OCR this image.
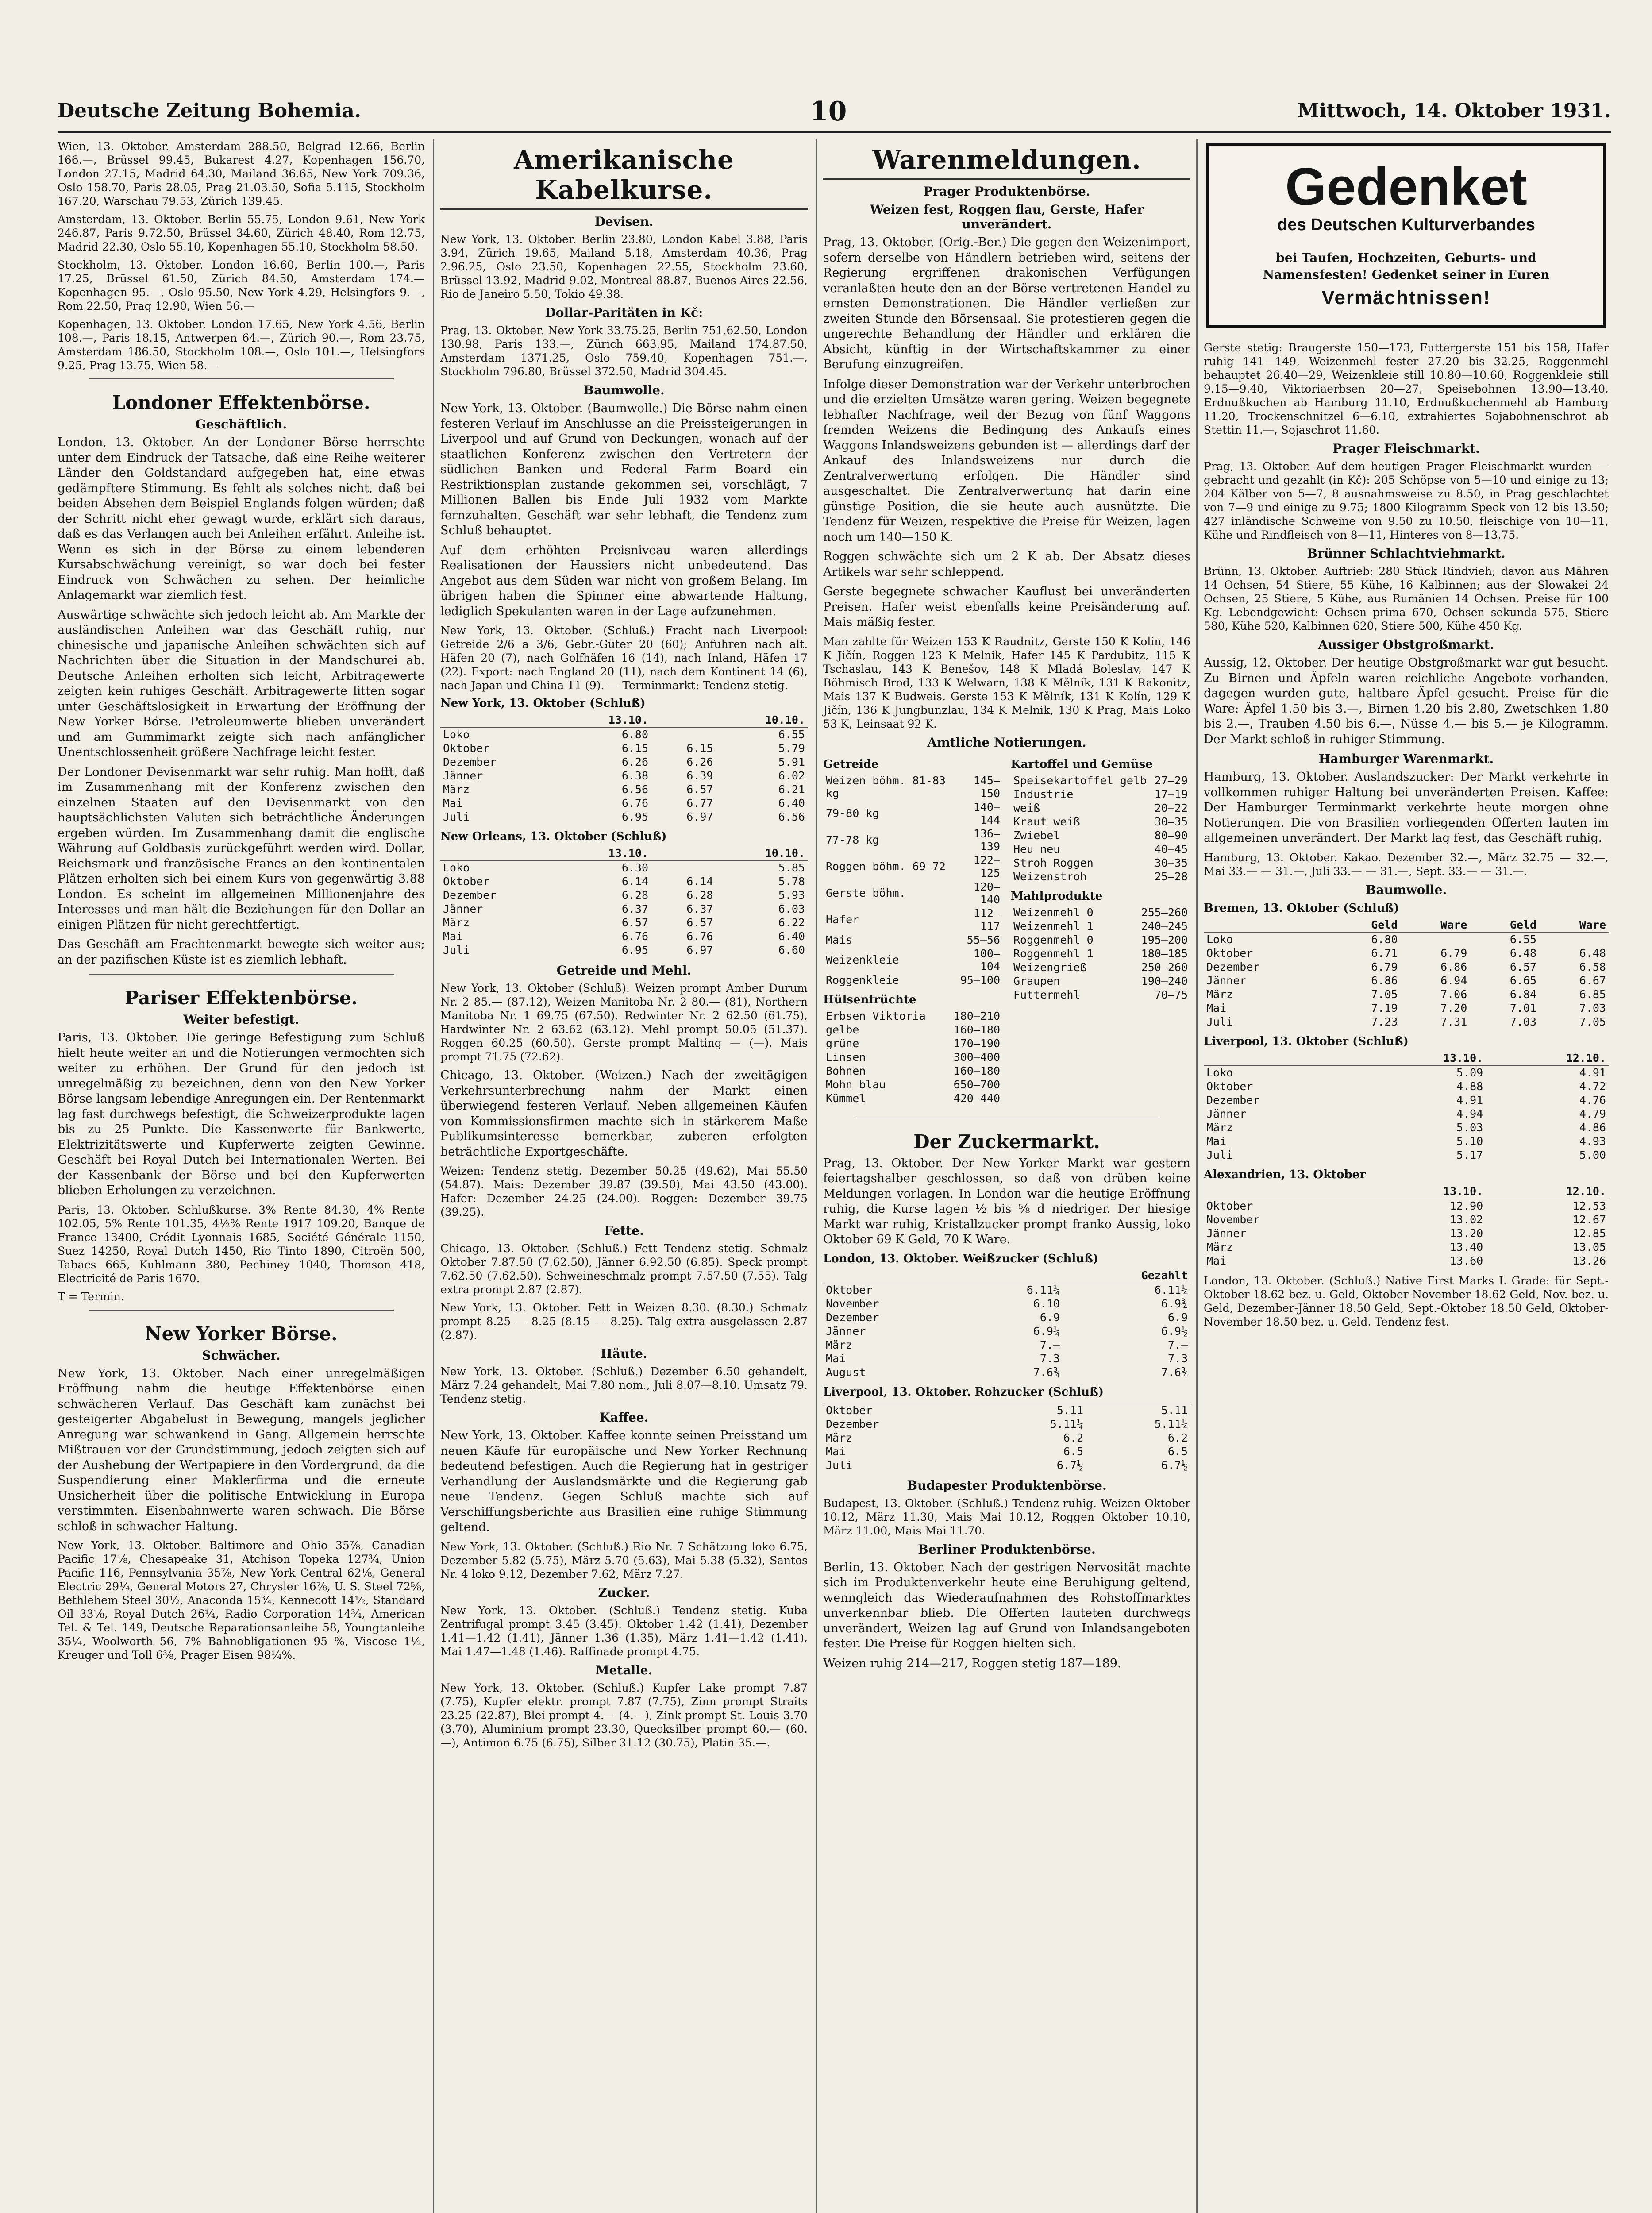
Deutsche Zeitung Bohemia.	10	Mittwoch, 14. Oktober 1931.

Wien, 13. Oktober. Amsterdam 288.50, Belgrad 12.66, Berlin 166.—, Brüssel 99.45, Bukarest 4.27, Kopenhagen 156.70, London 27.15, Madrid 64.30, Mailand 36.65, New York 709.36, Oslo 158.70, Paris 28.05, Prag 21.03.50, Sofia 5.115, Stockholm 167.20, Warschau 79.53, Zürich 139.45.

Amsterdam, 13. Oktober. Berlin 55.75, London 9.61, New York 246.87, Paris 9.72.50, Brüssel 34.60, Zürich 48.40, Rom 12.75, Madrid 22.30, Oslo 55.10, Kopenhagen 55.10, Stockholm 58.50.

Stockholm, 13. Oktober. London 16.60, Berlin 100.—, Paris 17.25, Brüssel 61.50, Zürich 84.50, Amsterdam 174.— Kopenhagen 95.—, Oslo 95.50, New York 4.29, Helsingfors 9.—, Rom 22.50, Prag 12.90, Wien 56.—

Kopenhagen, 13. Oktober. London 17.65, New York 4.56, Berlin 108.—, Paris 18.15, Antwerpen 64.—, Zürich 90.—, Rom 23.75, Amsterdam 186.50, Stockholm 108.—, Oslo 101.—, Helsingfors 9.25, Prag 13.75, Wien 58.—

Londoner Effektenbörse.
Geschäftlich.

London, 13. Oktober. An der Londoner Börse herrschte unter dem Eindruck der Tatsache, daß eine Reihe weiterer Länder den Goldstandard aufgegeben hat, eine etwas gedämpftere Stimmung. Es fehlt als solches nicht, daß bei beiden Absehen dem Beispiel Englands folgen würden; daß der Schritt nicht eher gewagt wurde, erklärt sich daraus, daß es das Verlangen auch bei Anleihen erfährt. Anleihe ist. Wenn es sich in der Börse zu einem lebenderen Kursabschwächung vereinigt, so war doch bei fester Eindruck von Schwächen zu sehen. Der heimliche Anlagemarkt war ziemlich fest.

Auswärtige schwächte sich jedoch leicht ab. Am Markte der ausländischen Anleihen war das Geschäft ruhig, nur chinesische und japanische Anleihen schwächten sich auf Nachrichten über die Situation in der Mandschurei ab. Deutsche Anleihen erholten sich leicht, Arbitragewerte zeigten kein ruhiges Geschäft. Arbitragewerte litten sogar unter Geschäftslosigkeit in Erwartung der Eröffnung der New Yorker Börse. Petroleumwerte blieben unverändert und am Gummimarkt zeigte sich nach anfänglicher Unentschlossenheit größere Nachfrage leicht fester.

Der Londoner Devisenmarkt war sehr ruhig. Man hofft, daß im Zusammenhang mit der Konferenz zwischen den einzelnen Staaten auf den Devisenmarkt von den hauptsächlichsten Valuten sich beträchtliche Änderungen ergeben würden. Im Zusammenhang damit die englische Währung auf Goldbasis zurückgeführt werden wird. Dollar, Reichsmark und französische Francs an den kontinentalen Plätzen erholten sich bei einem Kurs von gegenwärtig 3.88 London. Es scheint im allgemeinen Millionenjahre des Interesses und man hält die Beziehungen für den Dollar an einigen Plätzen für nicht gerechtfertigt.

Das Geschäft am Frachtenmarkt bewegte sich weiter aus; an der pazifischen Küste ist es ziemlich lebhaft.

Pariser Effektenbörse.
Weiter befestigt.

Paris, 13. Oktober. Die geringe Befestigung zum Schluß hielt heute weiter an und die Notierungen vermochten sich weiter zu erhöhen. Der Grund für den jedoch ist unregelmäßig zu bezeichnen, denn von den New Yorker Börse langsam lebendige Anregungen ein. Der Rentenmarkt lag fast durchwegs befestigt, die Schweizerprodukte lagen bis zu 25 Punkte. Die Kassenwerte für Bankwerte, Elektrizitätswerte und Kupferwerte zeigten Gewinne. Geschäft bei Royal Dutch bei Internationalen Werten. Bei der Kassenbank der Börse und bei den Kupferwerten blieben Erholungen zu verzeichnen.

Paris, 13. Oktober. Schlußkurse. 3% Rente 84.30, 4% Rente 102.05, 5% Rente 101.35, 4½% Rente 1917 109.20, Banque de France 13400, Crédit Lyonnais 1685, Société Générale 1150, Suez 14250, Royal Dutch 1450, Rio Tinto 1890, Citroën 500, Tabacs 665, Kuhlmann 380, Pechiney 1040, Thomson 418, Electricité de Paris 1670.

T = Termin.

New Yorker Börse.
Schwächer.

New York, 13. Oktober. Nach einer unregelmäßigen Eröffnung nahm die heutige Effektenbörse einen schwächeren Verlauf. Das Geschäft kam zunächst bei gesteigerter Abgabelust in Bewegung, mangels jeglicher Anregung war schwankend in Gang. Allgemein herrschte Mißtrauen vor der Grundstimmung, jedoch zeigten sich auf der Aushebung der Wertpapiere in den Vordergrund, da die Suspendierung einer Maklerfirma und die erneute Unsicherheit über die politische Entwicklung in Europa verstimmten. Eisenbahnwerte waren schwach. Die Börse schloß in schwacher Haltung.

New York, 13. Oktober. Baltimore and Ohio 35⅞, Canadian Pacific 17⅛, Chesapeake 31, Atchison Topeka 127¾, Union Pacific 116, Pennsylvania 35⅞, New York Central 62⅛, General Electric 29¼, General Motors 27, Chrysler 16⅞, U. S. Steel 72⅝, Bethlehem Steel 30½, Anaconda 15¾, Kennecott 14½, Standard Oil 33⅛, Royal Dutch 26¼, Radio Corporation 14¾, American Tel. & Tel. 149, Deutsche Reparationsanleihe 58, Youngtanleihe 35¼, Woolworth 56, 7% Bahnobligationen 95 %, Viscose 1½, Kreuger und Toll 6⅜, Prager Eisen 98¼%.

Amerikanische Kabelkurse.
Devisen.

New York, 13. Oktober. Berlin 23.80, London Kabel 3.88, Paris 3.94, Zürich 19.65, Mailand 5.18, Amsterdam 40.36, Prag 2.96.25, Oslo 23.50, Kopenhagen 22.55, Stockholm 23.60, Brüssel 13.92, Madrid 9.02, Montreal 88.87, Buenos Aires 22.56, Rio de Janeiro 5.50, Tokio 49.38.

Dollar-Paritäten in Kč:

Prag, 13. Oktober. New York 33.75.25, Berlin 751.62.50, London 130.98, Paris 133.—, Zürich 663.95, Mailand 174.87.50, Amsterdam 1371.25, Oslo 759.40, Kopenhagen 751.—, Stockholm 796.80, Brüssel 372.50, Madrid 304.45.

Baumwolle.

New York, 13. Oktober. (Baumwolle.) Die Börse nahm einen festeren Verlauf im Anschlusse an die Preissteigerungen in Liverpool und auf Grund von Deckungen, wonach auf der staatlichen Konferenz zwischen den Vertretern der südlichen Banken und Federal Farm Board ein Restriktionsplan zustande gekommen sei, vorschlägt, 7 Millionen Ballen bis Ende Juli 1932 vom Markte fernzuhalten. Geschäft war sehr lebhaft, die Tendenz zum Schluß behauptet.

Auf dem erhöhten Preisniveau waren allerdings Realisationen der Haussiers nicht unbedeutend. Das Angebot aus dem Süden war nicht von großem Belang. Im übrigen haben die Spinner eine abwartende Haltung, lediglich Spekulanten waren in der Lage aufzunehmen.

New York, 13. Oktober. (Schluß.) Fracht nach Liverpool: Getreide 2/6 a 3/6, Gebr.-Güter 20 (60); Anfuhren nach alt. Häfen 20 (7), nach Golfhäfen 16 (14), nach Inland, Häfen 17 (22). Export: nach England 20 (11), nach dem Kontinent 14 (6), nach Japan und China 11 (9). — Terminmarkt: Tendenz stetig.

New York, 13. Oktober (Schluß)
	13.10.		10.10.
Loko	6.80		6.55
Oktober	6.15	6.15	5.79
Dezember	6.26	6.26	5.91
Jänner	6.38	6.39	6.02
März	6.56	6.57	6.21
Mai	6.76	6.77	6.40
Juli	6.95	6.97	6.56
New Orleans, 13. Oktober (Schluß)
	13.10.		10.10.
Loko	6.30		5.85
Oktober	6.14	6.14	5.78
Dezember	6.28	6.28	5.93
Jänner	6.37	6.37	6.03
März	6.57	6.57	6.22
Mai	6.76	6.76	6.40
Juli	6.95	6.97	6.60
Getreide und Mehl.

New York, 13. Oktober (Schluß). Weizen prompt Amber Durum Nr. 2 85.— (87.12), Weizen Manitoba Nr. 2 80.— (81), Northern Manitoba Nr. 1 69.75 (67.50). Redwinter Nr. 2 62.50 (61.75), Hardwinter Nr. 2 63.62 (63.12). Mehl prompt 50.05 (51.37). Roggen 60.25 (60.50). Gerste prompt Malting — (—). Mais prompt 71.75 (72.62).

Chicago, 13. Oktober. (Weizen.) Nach der zweitägigen Verkehrsunterbrechung nahm der Markt einen überwiegend festeren Verlauf. Neben allgemeinen Käufen von Kommissionsfirmen machte sich in stärkerem Maße Publikumsinteresse bemerkbar, zuberen erfolgten beträchtliche Exportgeschäfte.

Weizen: Tendenz stetig. Dezember 50.25 (49.62), Mai 55.50 (54.87). Mais: Dezember 39.87 (39.50), Mai 43.50 (43.00). Hafer: Dezember 24.25 (24.00). Roggen: Dezember 39.75 (39.25).

Fette.

Chicago, 13. Oktober. (Schluß.) Fett Tendenz stetig. Schmalz Oktober 7.87.50 (7.62.50), Jänner 6.92.50 (6.85). Speck prompt 7.62.50 (7.62.50). Schweineschmalz prompt 7.57.50 (7.55). Talg extra prompt 2.87 (2.87).

New York, 13. Oktober. Fett in Weizen 8.30. (8.30.) Schmalz prompt 8.25 — 8.25 (8.15 — 8.25). Talg extra ausgelassen 2.87 (2.87).

Häute.

New York, 13. Oktober. (Schluß.) Dezember 6.50 gehandelt, März 7.24 gehandelt, Mai 7.80 nom., Juli 8.07—8.10. Umsatz 79. Tendenz stetig.

Kaffee.

New York, 13. Oktober. Kaffee konnte seinen Preisstand um neuen Käufe für europäische und New Yorker Rechnung bedeutend befestigen. Auch die Regierung hat in gestriger Verhandlung der Auslandsmärkte und die Regierung gab neue Tendenz. Gegen Schluß machte sich auf Verschiffungsberichte aus Brasilien eine ruhige Stimmung geltend.

New York, 13. Oktober. (Schluß.) Rio Nr. 7 Schätzung loko 6.75, Dezember 5.82 (5.75), März 5.70 (5.63), Mai 5.38 (5.32), Santos Nr. 4 loko 9.12, Dezember 7.62, März 7.27.

Zucker.

New York, 13. Oktober. (Schluß.) Tendenz stetig. Kuba Zentrifugal prompt 3.45 (3.45). Oktober 1.42 (1.41), Dezember 1.41—1.42 (1.41), Jänner 1.36 (1.35), März 1.41—1.42 (1.41), Mai 1.47—1.48 (1.46). Raffinade prompt 4.75.

Metalle.

New York, 13. Oktober. (Schluß.) Kupfer Lake prompt 7.87 (7.75), Kupfer elektr. prompt 7.87 (7.75), Zinn prompt Straits 23.25 (22.87), Blei prompt 4.— (4.—), Zink prompt St. Louis 3.70 (3.70), Aluminium prompt 23.30, Quecksilber prompt 60.— (60.—), Antimon 6.75 (6.75), Silber 31.12 (30.75), Platin 35.—.

Warenmeldungen.
Prager Produktenbörse.
Weizen fest, Roggen flau, Gerste, Hafer unverändert.

Prag, 13. Oktober. (Orig.-Ber.) Die gegen den Weizenimport, sofern derselbe von Händlern betrieben wird, seitens der Regierung ergriffenen drakonischen Verfügungen veranlaßten heute den an der Börse vertretenen Handel zu ernsten Demonstrationen. Die Händler verließen zur zweiten Stunde den Börsensaal. Sie protestieren gegen die ungerechte Behandlung der Händler und erklären die Absicht, künftig in der Wirtschaftskammer zu einer Berufung einzugreifen.

Infolge dieser Demonstration war der Verkehr unterbrochen und die erzielten Umsätze waren gering. Weizen begegnete lebhafter Nachfrage, weil der Bezug von fünf Waggons fremden Weizens die Bedingung des Ankaufs eines Waggons Inlandsweizens gebunden ist — allerdings darf der Ankauf des Inlandsweizens nur durch die Zentralverwertung erfolgen. Die Händler sind ausgeschaltet. Die Zentralverwertung hat darin eine günstige Position, die sie heute auch ausnützte. Die Tendenz für Weizen, respektive die Preise für Weizen, lagen noch um 140—150 K.

Roggen schwächte sich um 2 K ab. Der Absatz dieses Artikels war sehr schleppend.

Gerste begegnete schwacher Kauflust bei unveränderten Preisen. Hafer weist ebenfalls keine Preisänderung auf. Mais mäßig fester.

Man zahlte für Weizen 153 K Raudnitz, Gerste 150 K Kolin, 146 K Jičín, Roggen 123 K Melnik, Hafer 145 K Pardubitz, 115 K Tschaslau, 143 K Benešov, 148 K Mladá Boleslav, 147 K Böhmisch Brod, 133 K Welwarn, 138 K Mělník, 131 K Rakonitz, Mais 137 K Budweis. Gerste 153 K Mělník, 131 K Kolín, 129 K Jičín, 136 K Jungbunzlau, 134 K Melnik, 130 K Prag, Mais Loko 53 K, Leinsaat 92 K.

Amtliche Notierungen.
Getreide
Weizen böhm. 81-83 kg	145—150
79-80 kg	140—144
77-78 kg	136—139
Roggen böhm. 69-72	122—125
Gerste böhm.	120—140
Hafer	112—117
Mais	55—56
Weizenkleie	100—104
Roggenkleie	95—100
Hülsenfrüchte
Erbsen Viktoria	180—210
gelbe	160—180
grüne	170—190
Linsen	300—400
Bohnen	160—180
Mohn blau	650—700
Kümmel	420—440
Kartoffel und Gemüse
Speisekartoffel gelb	27—29
Industrie	17—19
weiß	20—22
Kraut weiß	30—35
Zwiebel	80—90
Heu neu	40—45
Stroh Roggen	30—35
Weizenstroh	25—28
Mahlprodukte
Weizenmehl 0	255—260
Weizenmehl 1	240—245
Roggenmehl 0	195—200
Roggenmehl 1	180—185
Weizengrieß	250—260
Graupen	190—240
Futtermehl	70—75
Der Zuckermarkt.

Prag, 13. Oktober. Der New Yorker Markt war gestern feiertagshalber geschlossen, so daß von drüben keine Meldungen vorlagen. In London war die heutige Eröffnung ruhig, die Kurse lagen ½ bis ⅝ d niedriger. Der hiesige Markt war ruhig, Kristallzucker prompt franko Aussig, loko Oktober 69 K Geld, 70 K Ware.

London, 13. Oktober. Weißzucker (Schluß)
		Gezahlt
Oktober	6.11¼	6.11¼
November	6.10	6.9¾
Dezember	6.9	6.9
Jänner	6.9¼	6.9½
März	7.—	7.—
Mai	7.3	7.3
August	7.6¾	7.6¾
Liverpool, 13. Oktober. Rohzucker (Schluß)

Oktober	5.11	5.11
Dezember	5.11¼	5.11¼
März	6.2	6.2
Mai	6.5	6.5
Juli	6.7½	6.7½
Budapester Produktenbörse.

Budapest, 13. Oktober. (Schluß.) Tendenz ruhig. Weizen Oktober 10.12, März 11.30, Mais Mai 10.12, Roggen Oktober 10.10, März 11.00, Mais Mai 11.70.

Berliner Produktenbörse.

Berlin, 13. Oktober. Nach der gestrigen Nervosität machte sich im Produktenverkehr heute eine Beruhigung geltend, wenngleich das Wiederaufnahmen des Rohstoffmarktes unverkennbar blieb. Die Offerten lauteten durchwegs unverändert, Weizen lag auf Grund von Inlandsangeboten fester. Die Preise für Roggen hielten sich.

Weizen ruhig 214—217, Roggen stetig 187—189.

Gedenket
des Deutschen Kulturverbandes
bei Taufen, Hochzeiten, Geburts- und Namensfesten! Gedenket seiner in Euren
Vermächtnissen!

Gerste stetig: Braugerste 150—173, Futtergerste 151 bis 158, Hafer ruhig 141—149, Weizenmehl fester 27.20 bis 32.25, Roggenmehl behauptet 26.40—29, Weizenkleie still 10.80—10.60, Roggenkleie still 9.15—9.40, Viktoriaerbsen 20—27, Speisebohnen 13.90—13.40, Erdnußkuchen ab Hamburg 11.10, Erdnußkuchenmehl ab Hamburg 11.20, Trockenschnitzel 6—6.10, extrahiertes Sojabohnenschrot ab Stettin 11.—, Sojaschrot 11.60.

Prager Fleischmarkt.

Prag, 13. Oktober. Auf dem heutigen Prager Fleischmarkt wurden — gebracht und gezahlt (in Kč): 205 Schöpse von 5—10 und einige zu 13; 204 Kälber von 5—7, 8 ausnahmsweise zu 8.50, in Prag geschlachtet von 7—9 und einige zu 9.75; 1800 Kilogramm Speck von 12 bis 13.50; 427 inländische Schweine von 9.50 zu 10.50, fleischige von 10—11, Kühe und Rindfleisch von 8—11, Hinteres von 8—13.75.

Brünner Schlachtviehmarkt.

Brünn, 13. Oktober. Auftrieb: 280 Stück Rindvieh; davon aus Mähren 14 Ochsen, 54 Stiere, 55 Kühe, 16 Kalbinnen; aus der Slowakei 24 Ochsen, 25 Stiere, 5 Kühe, aus Rumänien 14 Ochsen. Preise für 100 Kg. Lebendgewicht: Ochsen prima 670, Ochsen sekunda 575, Stiere 580, Kühe 520, Kalbinnen 620, Stiere 500, Kühe 450 Kg.

Aussiger Obstgroßmarkt.

Aussig, 12. Oktober. Der heutige Obstgroßmarkt war gut besucht. Zu Birnen und Äpfeln waren reichliche Angebote vorhanden, dagegen wurden gute, haltbare Äpfel gesucht. Preise für die Ware: Äpfel 1.50 bis 3.—, Birnen 1.20 bis 2.80, Zwetschken 1.80 bis 2.—, Trauben 4.50 bis 6.—, Nüsse 4.— bis 5.— je Kilogramm. Der Markt schloß in ruhiger Stimmung.

Hamburger Warenmarkt.

Hamburg, 13. Oktober. Auslandszucker: Der Markt verkehrte in vollkommen ruhiger Haltung bei unveränderten Preisen. Kaffee: Der Hamburger Terminmarkt verkehrte heute morgen ohne Notierungen. Die von Brasilien vorliegenden Offerten lauten im allgemeinen unverändert. Der Markt lag fest, das Geschäft ruhig.

Hamburg, 13. Oktober. Kakao. Dezember 32.—, März 32.75 — 32.—, Mai 33.— — 31.—, Juli 33.— — 31.—, Sept. 33.— — 31.—.

Baumwolle.
Bremen, 13. Oktober (Schluß)
	Geld	Ware	Geld	Ware
Loko	6.80		6.55	
Oktober	6.71	6.79	6.48	6.48
Dezember	6.79	6.86	6.57	6.58
Jänner	6.86	6.94	6.65	6.67
März	7.05	7.06	6.84	6.85
Mai	7.19	7.20	7.01	7.03
Juli	7.23	7.31	7.03	7.05
Liverpool, 13. Oktober (Schluß)
	13.10.	12.10.
Loko	5.09	4.91
Oktober	4.88	4.72
Dezember	4.91	4.76
Jänner	4.94	4.79
März	5.03	4.86
Mai	5.10	4.93
Juli	5.17	5.00
Alexandrien, 13. Oktober
	13.10.	12.10.
Oktober	12.90	12.53
November	13.02	12.67
Jänner	13.20	12.85
März	13.40	13.05
Mai	13.60	13.26

London, 13. Oktober. (Schluß.) Native First Marks I. Grade: für Sept.-Oktober 18.62 bez. u. Geld, Oktober-November 18.62 Geld, Nov. bez. u. Geld, Dezember-Jänner 18.50 Geld, Sept.-Oktober 18.50 Geld, Oktober-November 18.50 bez. u. Geld. Tendenz fest.
